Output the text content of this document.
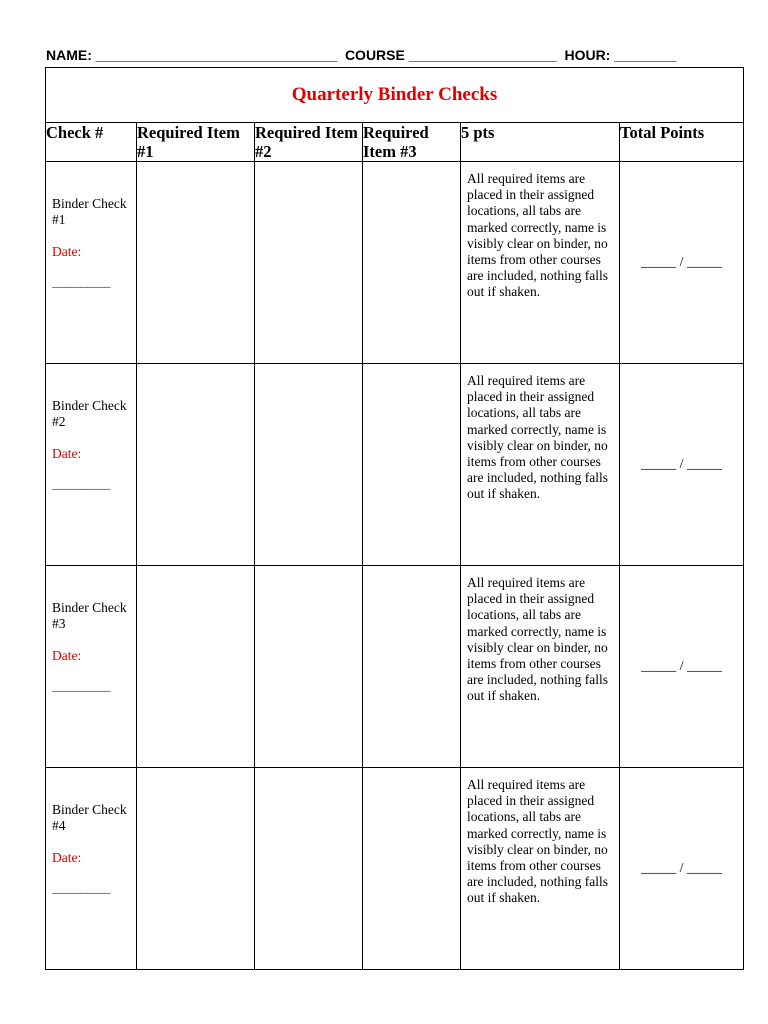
NAME: _______________________________ COURSE ___________________ HOUR: ________
Quarterly Binder Checks					
Check #	Required Item #1	Required Item #2	Required Item #3	5 pts	Total Points
Binder Check #1
Date:
__________				All required items are placed in their assigned locations, all tabs are marked correctly, name is visibly clear on binder, no items from other courses are included, nothing falls out if shaken.	_____ / _____
Binder Check #2
Date:
__________				All required items are placed in their assigned locations, all tabs are marked correctly, name is visibly clear on binder, no items from other courses are included, nothing falls out if shaken.	_____ / _____
Binder Check #3
Date:
__________				All required items are placed in their assigned locations, all tabs are marked correctly, name is visibly clear on binder, no items from other courses are included, nothing falls out if shaken.	_____ / _____
Binder Check #4
Date:
__________				All required items are placed in their assigned locations, all tabs are marked correctly, name is visibly clear on binder, no items from other courses are included, nothing falls out if shaken.	_____ / _____
